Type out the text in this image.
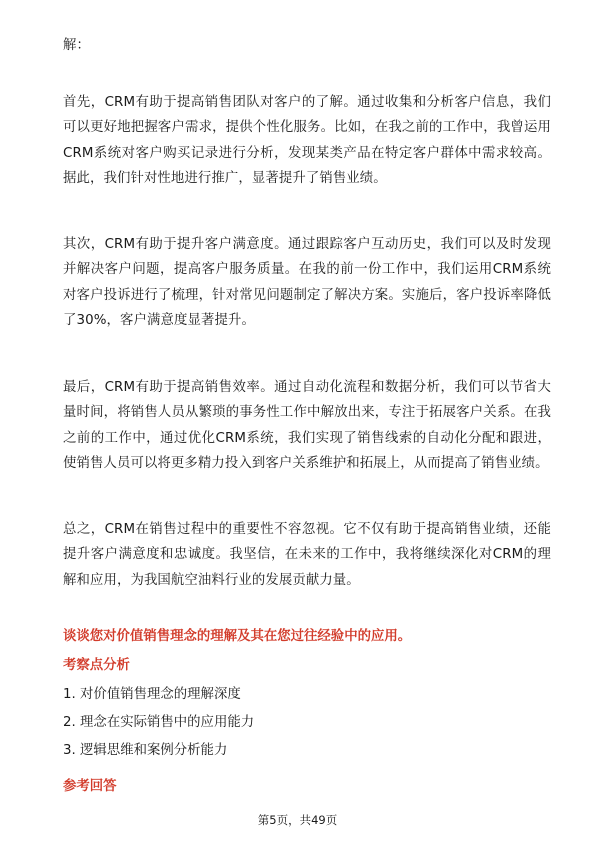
解：

首先，CRM有助于提高销售团队对客户的了解。通过收集和分析客户信息，我们可以更好地把握客户需求，提供个性化服务。比如，在我之前的工作中，我曾运用CRM系统对客户购买记录进行分析，发现某类产品在特定客户群体中需求较高。据此，我们针对性地进行推广，显著提升了销售业绩。

其次，CRM有助于提升客户满意度。通过跟踪客户互动历史，我们可以及时发现并解决客户问题，提高客户服务质量。在我的前一份工作中，我们运用CRM系统对客户投诉进行了梳理，针对常见问题制定了解决方案。实施后，客户投诉率降低了30%，客户满意度显著提升。

最后，CRM有助于提高销售效率。通过自动化流程和数据分析，我们可以节省大量时间，将销售人员从繁琐的事务性工作中解放出来，专注于拓展客户关系。在我之前的工作中，通过优化CRM系统，我们实现了销售线索的自动化分配和跟进，使销售人员可以将更多精力投入到客户关系维护和拓展上，从而提高了销售业绩。

总之，CRM在销售过程中的重要性不容忽视。它不仅有助于提高销售业绩，还能提升客户满意度和忠诚度。我坚信，在未来的工作中，我将继续深化对CRM的理解和应用，为我国航空油料行业的发展贡献力量。

谈谈您对价值销售理念的理解及其在您过往经验中的应用。

考察点分析

1. 对价值销售理念的理解深度

2. 理念在实际销售中的应用能力

3. 逻辑思维和案例分析能力

参考回答

第5页，共49页
